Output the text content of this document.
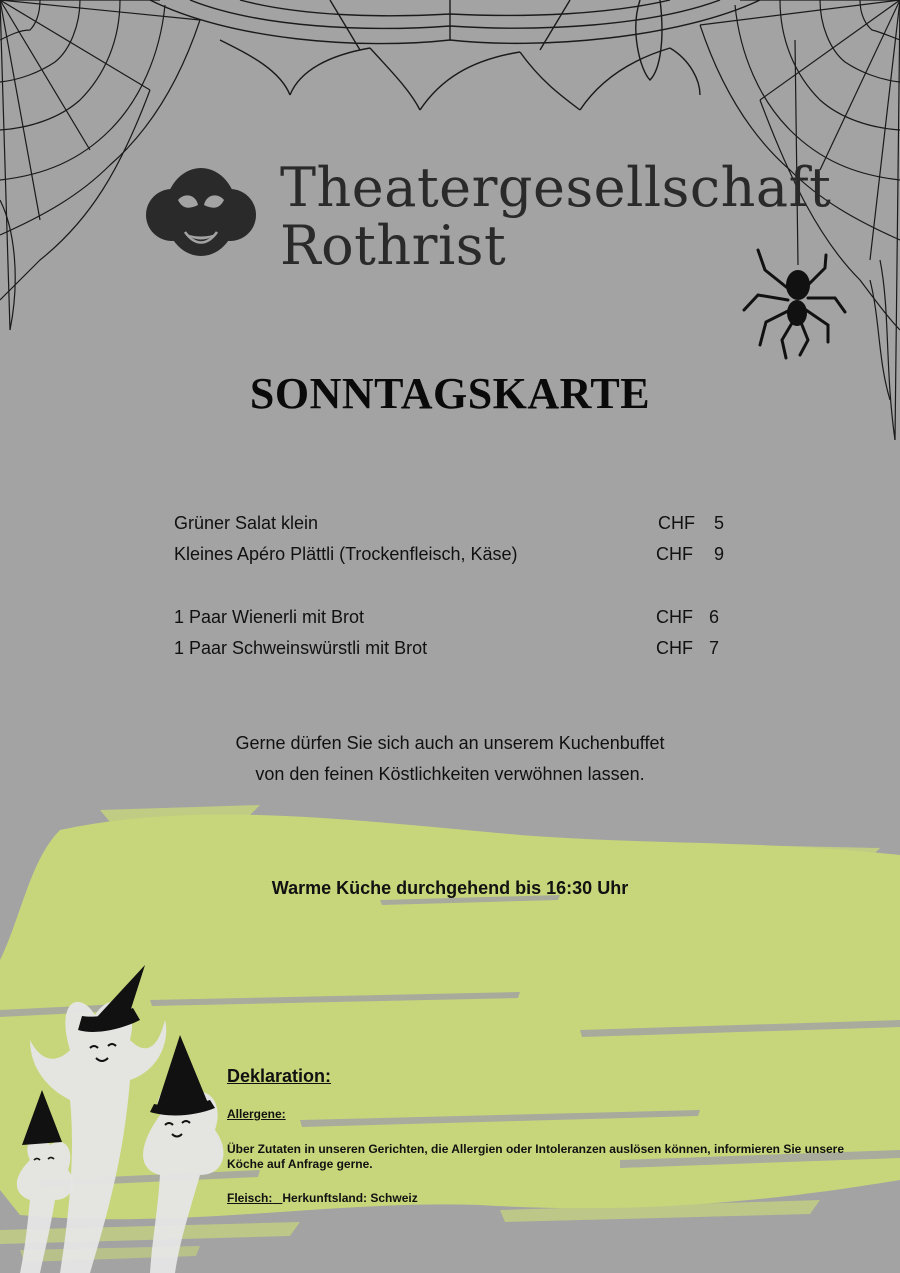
Theatergesellschaft
Rothrist
SONNTAGSKARTE
Grüner Salat klein	CHF 5
Kleines Apéro Plättli (Trockenfleisch, Käse)	CHF 9
1 Paar Wienerli mit Brot	CHF 6
1 Paar Schweinswürstli mit Brot	CHF 7
Gerne dürfen Sie sich auch an unserem Kuchenbuffet
von den feinen Köstlichkeiten verwöhnen lassen.
Warme Küche durchgehend bis 16:30 Uhr
Deklaration:
Allergene:
Über Zutaten in unseren Gerichten, die Allergien oder Intoleranzen auslösen können, informieren Sie unsere
Köche auf Anfrage gerne.
Fleisch: Herkunftsland: Schweiz
